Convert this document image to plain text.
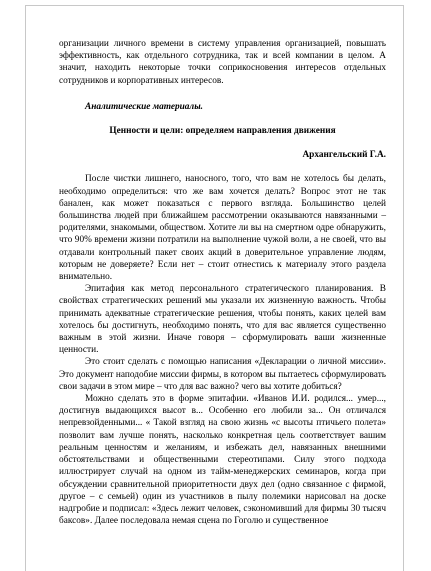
организации личного времени в систему управления организацией, повышать эффективность, как отдельного сотрудника, так и всей компании в целом. А значит, находить некоторые точки соприкосновения интересов отдельных сотрудников и корпоративных интересов.

Аналитические материалы.

Ценности и цели: определяем направления движения

Архангельский Г.А.

После чистки лишнего, наносного, того, что вам не хотелось бы делать, необходимо определиться: что же вам хочется делать? Вопрос этот не так банален, как может показаться с первого взгляда. Большинство целей большинства людей при ближайшем рассмотрении оказываются навязанными – родителями, знакомыми, обществом. Хотите ли вы на смертном одре обнаружить, что 90% времени жизни потратили на выполнение чужой воли, а не своей, что вы отдавали контрольный пакет своих акций в доверительное управление людям, которым не доверяете? Если нет – стоит отнестись к материалу этого раздела внимательно.

Эпитафия как метод персонального стратегического планирования. В свойствах стратегических решений мы указали их жизненную важность. Чтобы принимать адекватные стратегические решения, чтобы понять, каких целей вам хотелось бы достигнуть, необходимо понять, что для вас является существенно важным в этой жизни. Иначе говоря – сформулировать ваши жизненные ценности.

Это стоит сделать с помощью написания «Декларации о личной миссии». Это документ наподобие миссии фирмы, в котором вы пытаетесь сформулировать свои задачи в этом мире – что для вас важно? чего вы хотите добиться?

Можно сделать это в форме эпитафии. «Иванов И.И. родился... умер..., достигнув выдающихся высот в... Особенно его любили за... Он отличался непревзойденными... « Такой взгляд на свою жизнь «с высоты птичьего полета» позволит вам лучше понять, насколько конкретная цель соответствует вашим реальным ценностям и желаниям, и избежать дел, навязанных внешними обстоятельствами и общественными стереотипами. Силу этого подхода иллюстрирует случай на одном из тайм-менеджерских семинаров, когда при обсуждении сравнительной приоритетности двух дел (одно связанное с фирмой, другое – с семьей) один из участников в пылу полемики нарисовал на доске надгробие и подписал: «Здесь лежит человек, сэкономивший для фирмы 30 тысяч баксов». Далее последовала немая сцена по Гоголю и существенное
